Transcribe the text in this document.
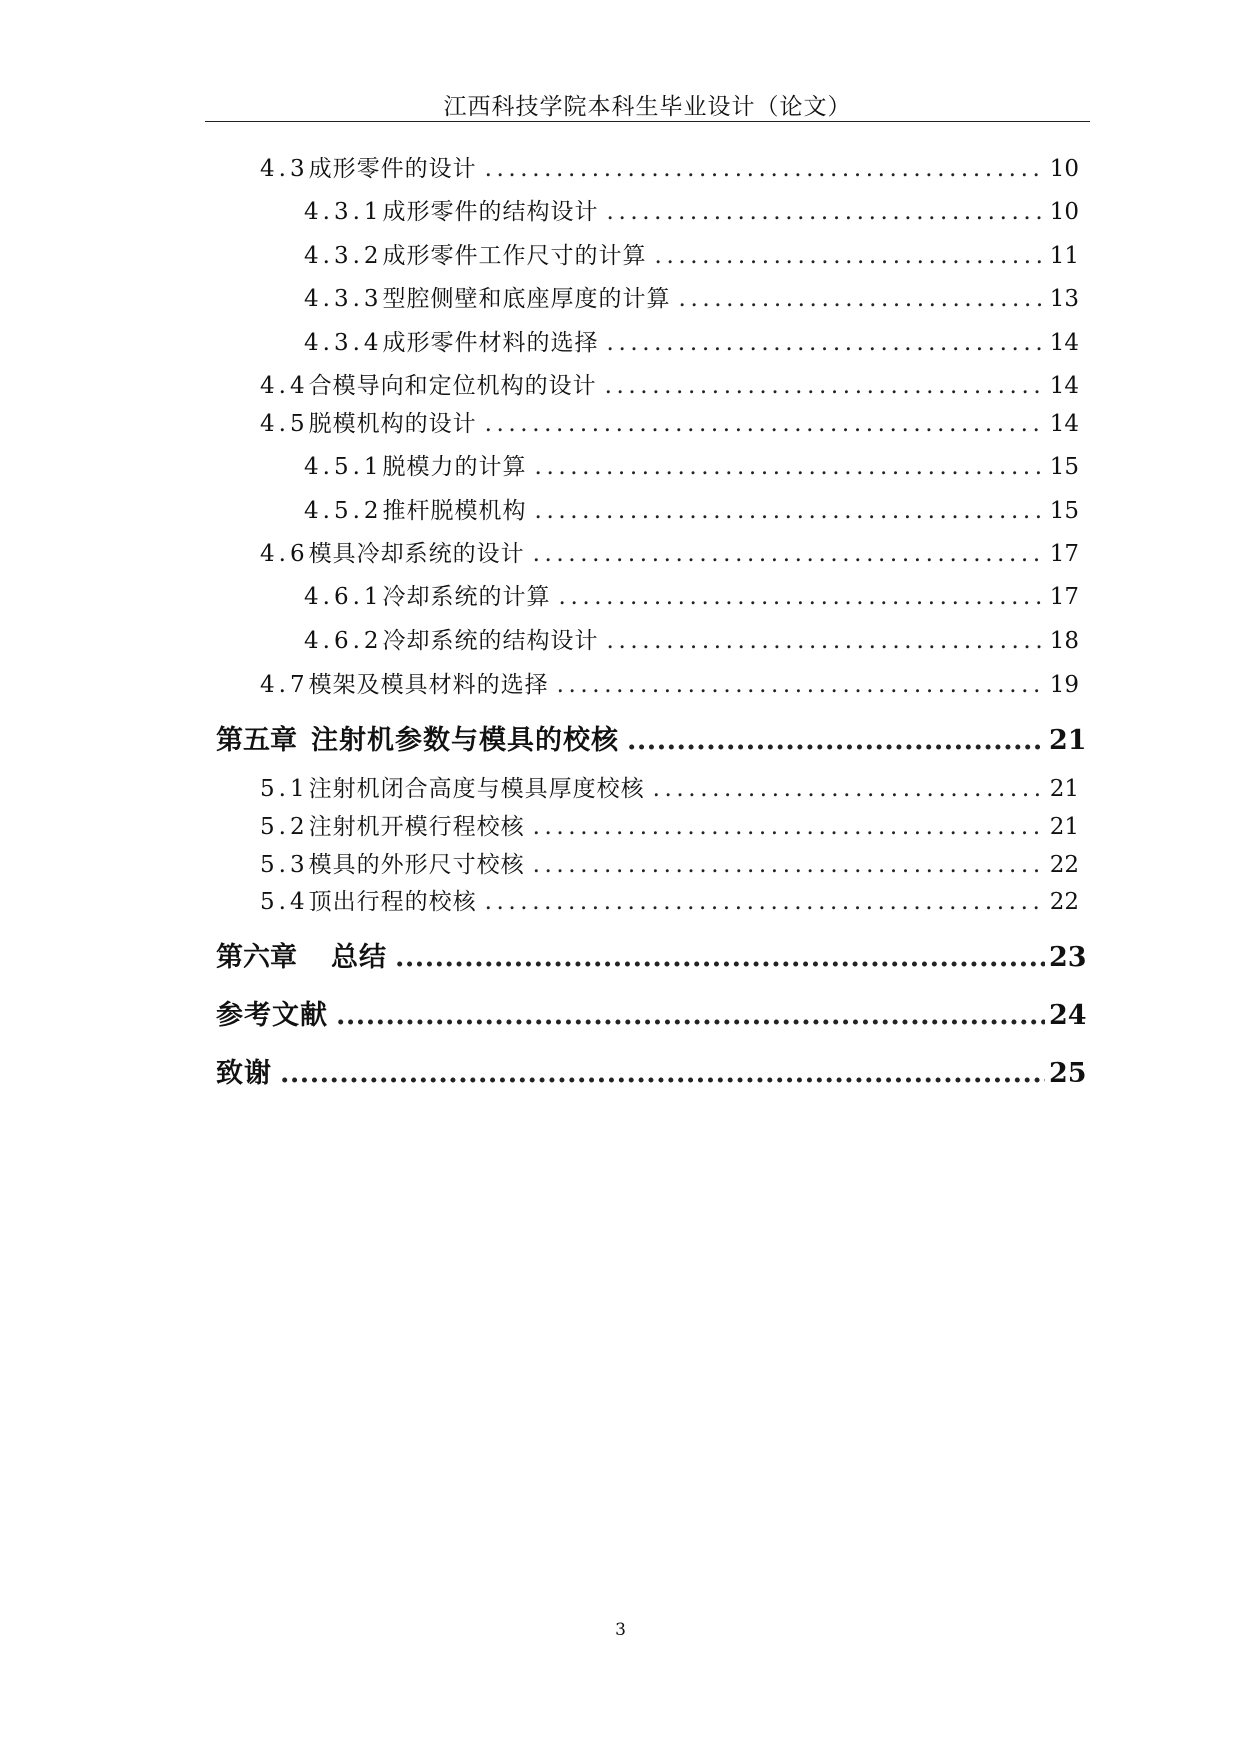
江西科技学院本科生毕业设计（论文）
4.3 成形零件的设计 .....	10
4.3.1 成形零件的结构设计 .....	10
4.3.2 成形零件工作尺寸的计算 .....	11
4.3.3 型腔侧壁和底座厚度的计算 .....	13
4.3.4 成形零件材料的选择 .....	14
4.4 合模导向和定位机构的设计 .....	14
4.5 脱模机构的设计 .....	14
4.5.1 脱模力的计算 .....	15
4.5.2 推杆脱模机构 .....	15
4.6 模具冷却系统的设计 .....	17
4.6.1 冷却系统的计算 .....	17
4.6.2 冷却系统的结构设计 .....	18
4.7 模架及模具材料的选择 .....	19
第五章 注射机参数与模具的校核 .....	21
5.1 注射机闭合高度与模具厚度校核 .....	21
5.2 注射机开模行程校核 .....	21
5.3 模具的外形尺寸校核 .....	22
5.4 顶出行程的校核 .....	22
第六章 总结 .....	23
参考文献 .....	24
致谢 .....	25
3
